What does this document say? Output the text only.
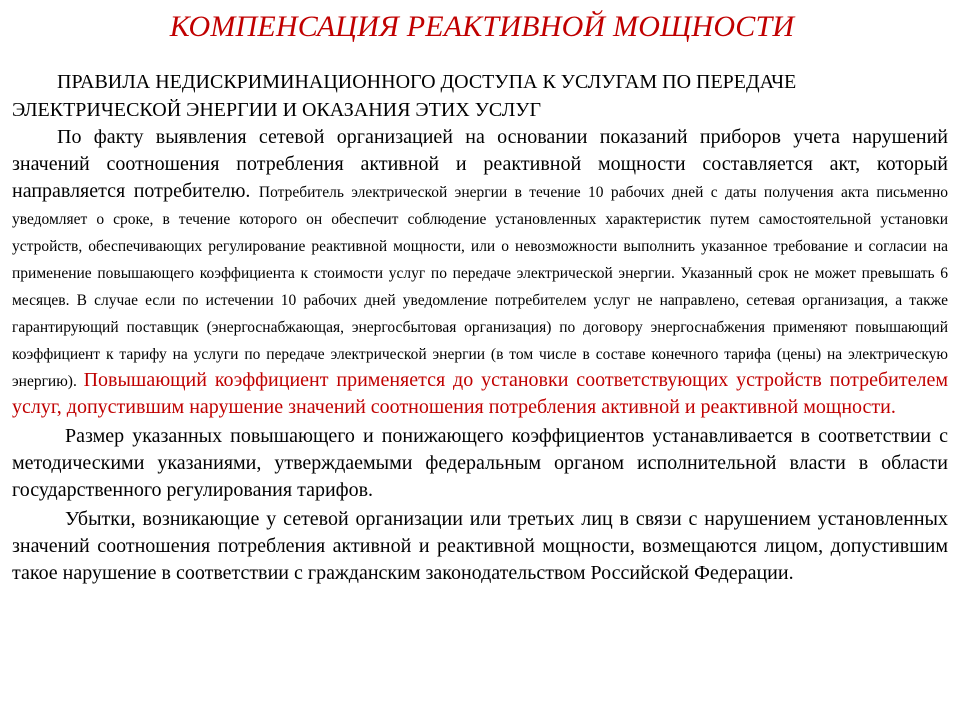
КОМПЕНСАЦИЯ РЕАКТИВНОЙ МОЩНОСТИ

ПРАВИЛА НЕДИСКРИМИНАЦИОННОГО ДОСТУПА К УСЛУГАМ ПО ПЕРЕДАЧЕ ЭЛЕКТРИЧЕСКОЙ ЭНЕРГИИ И ОКАЗАНИЯ ЭТИХ УСЛУГ

По факту выявления сетевой организацией на основании показаний приборов учета нарушений значений соотношения потребления активной и реактивной мощности составляется акт, который направляется потребителю. Потребитель электрической энергии в течение 10 рабочих дней с даты получения акта письменно уведомляет о сроке, в течение которого он обеспечит соблюдение установленных характеристик путем самостоятельной установки устройств, обеспечивающих регулирование реактивной мощности, или о невозможности выполнить указанное требование и согласии на применение повышающего коэффициента к стоимости услуг по передаче электрической энергии. Указанный срок не может превышать 6 месяцев. В случае если по истечении 10 рабочих дней уведомление потребителем услуг не направлено, сетевая организация, а также гарантирующий поставщик (энергоснабжающая, энергосбытовая организация) по договору энергоснабжения применяют повышающий коэффициент к тарифу на услуги по передаче электрической энергии (в том числе в составе конечного тарифа (цены) на электрическую энергию). Повышающий коэффициент применяется до установки соответствующих устройств потребителем услуг, допустившим нарушение значений соотношения потребления активной и реактивной мощности.

Размер указанных повышающего и понижающего коэффициентов устанавливается в соответствии с методическими указаниями, утверждаемыми федеральным органом исполнительной власти в области государственного регулирования тарифов.

Убытки, возникающие у сетевой организации или третьих лиц в связи с нарушением установленных значений соотношения потребления активной и реактивной мощности, возмещаются лицом, допустившим такое нарушение в соответствии с гражданским законодательством Российской Федерации.
